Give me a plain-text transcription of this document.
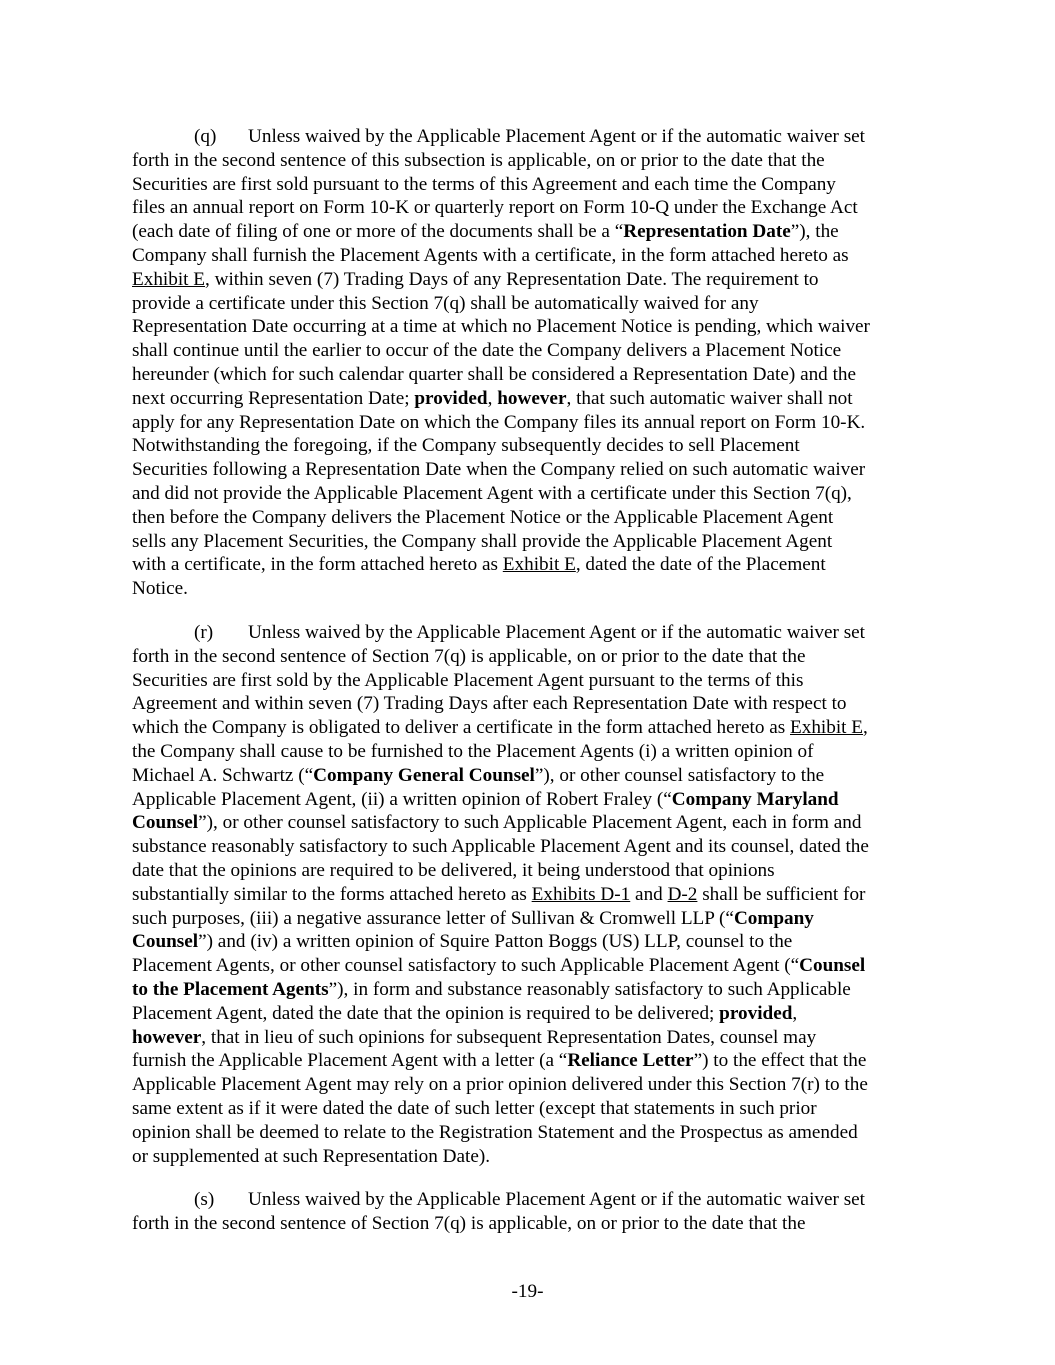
(q) Unless waived by the Applicable Placement Agent or if the automatic waiver set
forth in the second sentence of this subsection is applicable, on or prior to the date that the
Securities are first sold pursuant to the terms of this Agreement and each time the Company
files an annual report on Form 10-K or quarterly report on Form 10-Q under the Exchange Act
(each date of filing of one or more of the documents shall be a “Representation Date”), the
Company shall furnish the Placement Agents with a certificate, in the form attached hereto as
Exhibit E, within seven (7) Trading Days of any Representation Date. The requirement to
provide a certificate under this Section 7(q) shall be automatically waived for any
Representation Date occurring at a time at which no Placement Notice is pending, which waiver
shall continue until the earlier to occur of the date the Company delivers a Placement Notice
hereunder (which for such calendar quarter shall be considered a Representation Date) and the
next occurring Representation Date; provided, however, that such automatic waiver shall not
apply for any Representation Date on which the Company files its annual report on Form 10-K.
Notwithstanding the foregoing, if the Company subsequently decides to sell Placement
Securities following a Representation Date when the Company relied on such automatic waiver
and did not provide the Applicable Placement Agent with a certificate under this Section 7(q),
then before the Company delivers the Placement Notice or the Applicable Placement Agent
sells any Placement Securities, the Company shall provide the Applicable Placement Agent
with a certificate, in the form attached hereto as Exhibit E, dated the date of the Placement
Notice.
(r) Unless waived by the Applicable Placement Agent or if the automatic waiver set
forth in the second sentence of Section 7(q) is applicable, on or prior to the date that the
Securities are first sold by the Applicable Placement Agent pursuant to the terms of this
Agreement and within seven (7) Trading Days after each Representation Date with respect to
which the Company is obligated to deliver a certificate in the form attached hereto as Exhibit E,
the Company shall cause to be furnished to the Placement Agents (i) a written opinion of
Michael A. Schwartz (“Company General Counsel”), or other counsel satisfactory to the
Applicable Placement Agent, (ii) a written opinion of Robert Fraley (“Company Maryland
Counsel”), or other counsel satisfactory to such Applicable Placement Agent, each in form and
substance reasonably satisfactory to such Applicable Placement Agent and its counsel, dated the
date that the opinions are required to be delivered, it being understood that opinions
substantially similar to the forms attached hereto as Exhibits D-1 and D-2 shall be sufficient for
such purposes, (iii) a negative assurance letter of Sullivan & Cromwell LLP (“Company
Counsel”) and (iv) a written opinion of Squire Patton Boggs (US) LLP, counsel to the
Placement Agents, or other counsel satisfactory to such Applicable Placement Agent (“Counsel
to the Placement Agents”), in form and substance reasonably satisfactory to such Applicable
Placement Agent, dated the date that the opinion is required to be delivered; provided,
however, that in lieu of such opinions for subsequent Representation Dates, counsel may
furnish the Applicable Placement Agent with a letter (a “Reliance Letter”) to the effect that the
Applicable Placement Agent may rely on a prior opinion delivered under this Section 7(r) to the
same extent as if it were dated the date of such letter (except that statements in such prior
opinion shall be deemed to relate to the Registration Statement and the Prospectus as amended
or supplemented at such Representation Date).
(s) Unless waived by the Applicable Placement Agent or if the automatic waiver set
forth in the second sentence of Section 7(q) is applicable, on or prior to the date that the
-19-
